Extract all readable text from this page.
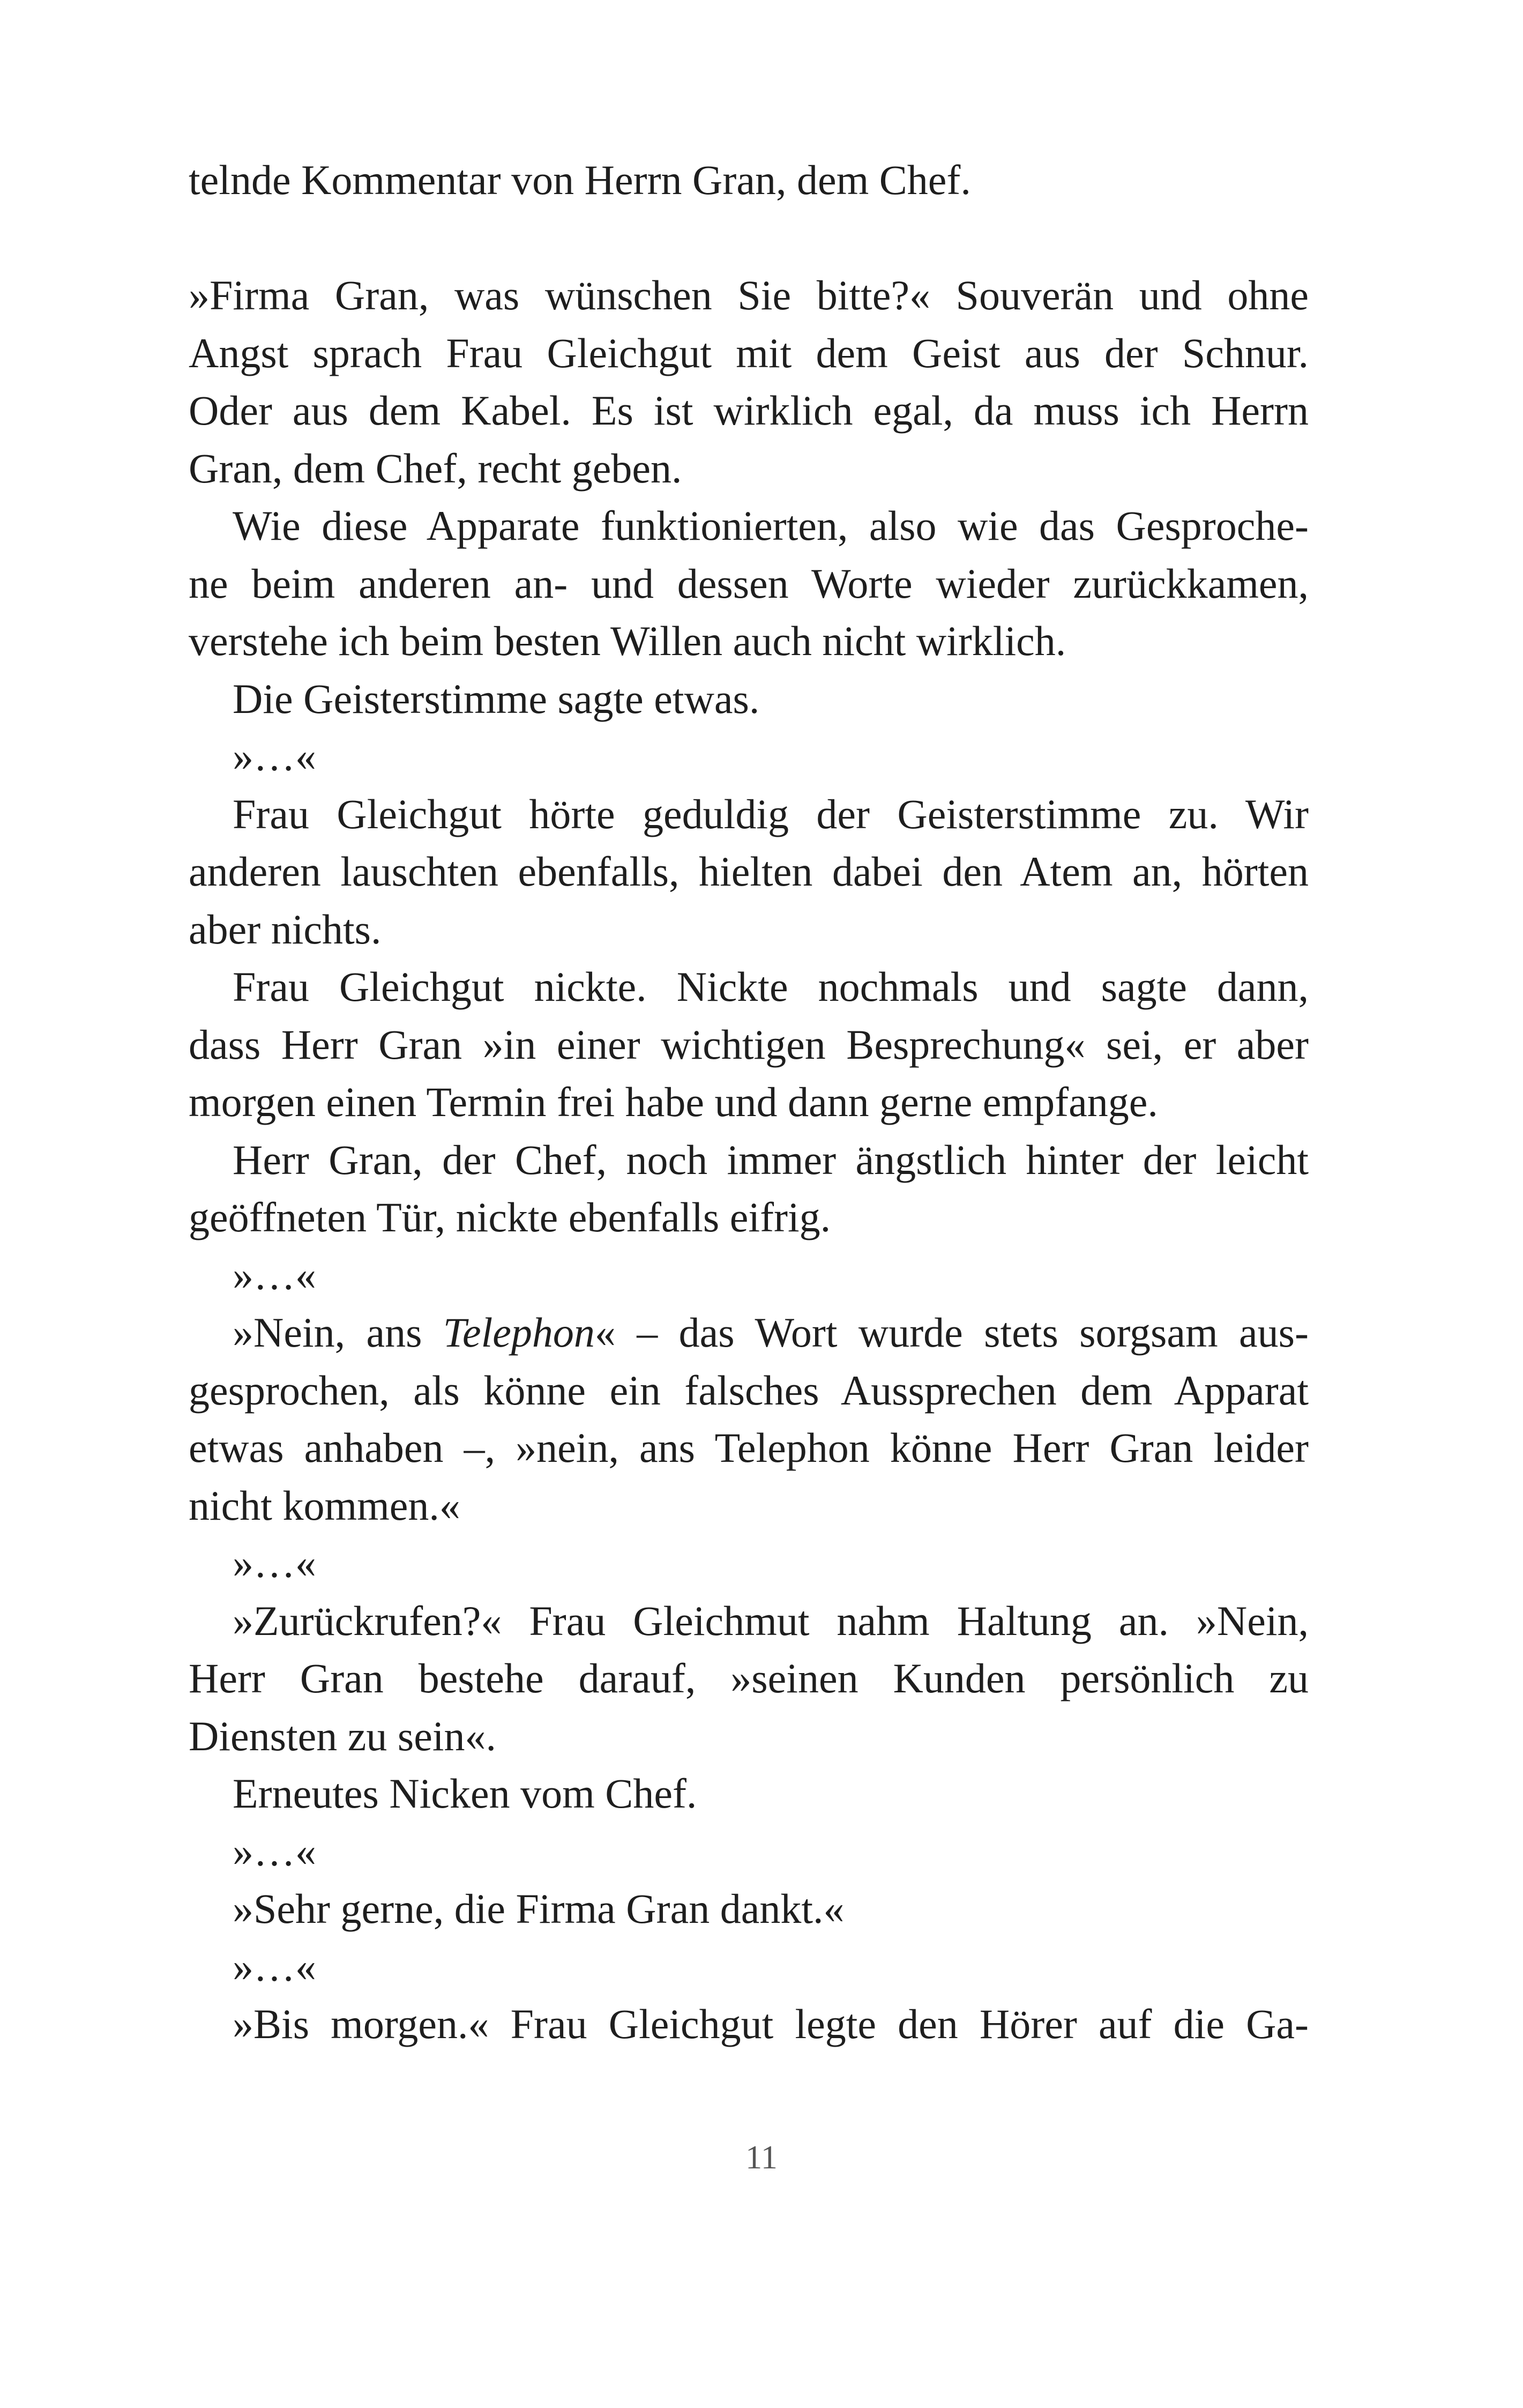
telnde Kommentar von Herrn Gran, dem Chef.
»Firma Gran, was wünschen Sie bitte?« Souverän und ohne
Angst sprach Frau Gleichgut mit dem Geist aus der Schnur.
Oder aus dem Kabel. Es ist wirklich egal, da muss ich Herrn
Gran, dem Chef, recht geben.
Wie diese Apparate funktionierten, also wie das Gesproche-
ne beim anderen an- und dessen Worte wieder zurückkamen,
verstehe ich beim besten Willen auch nicht wirklich.
Die Geisterstimme sagte etwas.
»…«
Frau Gleichgut hörte geduldig der Geisterstimme zu. Wir
anderen lauschten ebenfalls, hielten dabei den Atem an, hörten
aber nichts.
Frau Gleichgut nickte. Nickte nochmals und sagte dann,
dass Herr Gran »in einer wichtigen Besprechung« sei, er aber
morgen einen Termin frei habe und dann gerne empfange.
Herr Gran, der Chef, noch immer ängstlich hinter der leicht
geöffneten Tür, nickte ebenfalls eifrig.
»…«
»Nein, ans Telephon« – das Wort wurde stets sorgsam aus-
gesprochen, als könne ein falsches Aussprechen dem Apparat
etwas anhaben –, »nein, ans Telephon könne Herr Gran leider
nicht kommen.«
»…«
»Zurückrufen?« Frau Gleichmut nahm Haltung an. »Nein,
Herr Gran bestehe darauf, »seinen Kunden persönlich zu
Diensten zu sein«.
Erneutes Nicken vom Chef.
»…«
»Sehr gerne, die Firma Gran dankt.«
»…«
»Bis morgen.« Frau Gleichgut legte den Hörer auf die Ga-
11
